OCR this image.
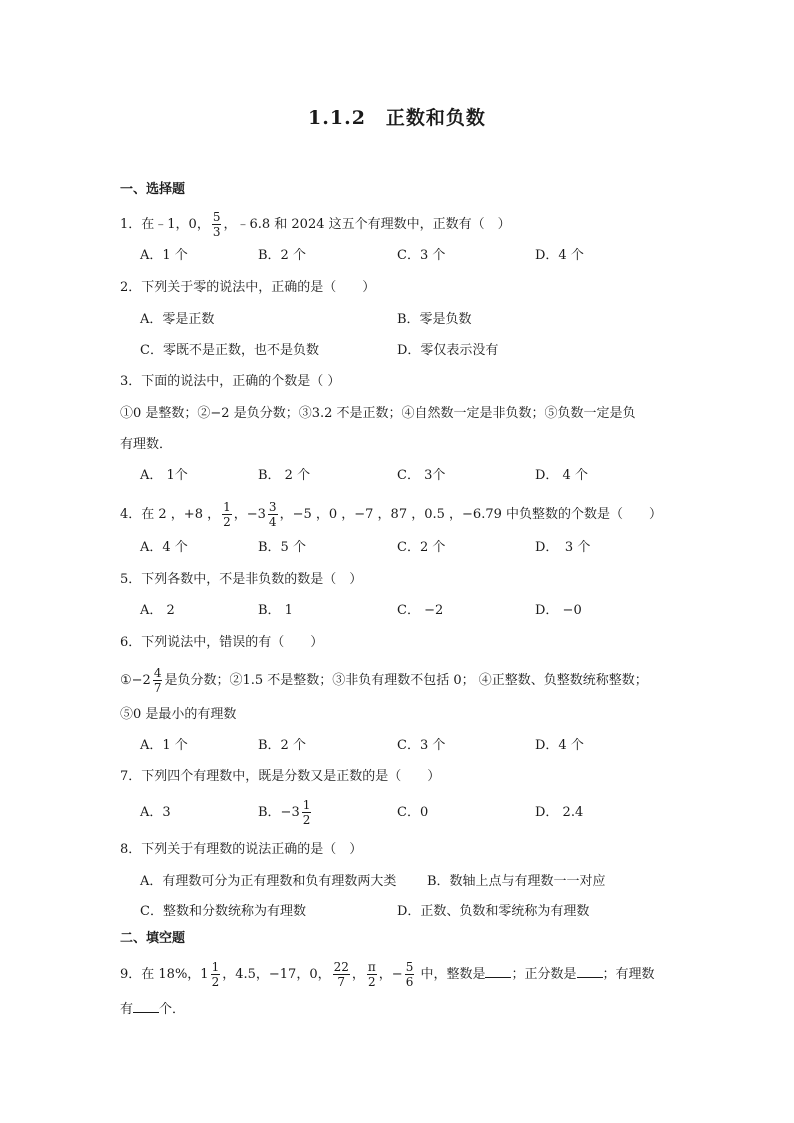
1.1.2　正数和负数
一、选择题
1．在﹣1，0， $\frac{5}{3}$ ，﹣6.8 和 2024 这五个有理数中，正数有（　）
A．1 个	B．2 个	C．3 个	D．4 个
2．下列关于零的说法中，正确的是（　　）
A．零是正数	B．零是负数
C．零既不是正数，也不是负数	D．零仅表示没有
3．下面的说法中，正确的个数是（ ）
①0 是整数；②−2 是负分数；③3.2 不是正数；④自然数一定是非负数；⑤负数一定是负
有理数．
A． 1个	B． 2 个	C． 3个	D． 4 个
4．在 2 ，+8 ， $\frac{1}{2}$ ，$-3 \frac{3}{4}$ ，−5 ，0 ，−7 ，87 ，0.5 ，−6.79 中负整数的个数是（　　）
A．4 个	B．5 个	C．2 个	D．　3 个
5．下列各数中，不是非负数的数是（　）
A． 2	B． 1	C． −2	D． −0
6．下列说法中，错误的有（　　）
①−2 $\frac{4}{7}$ 是负分数；②1.5 不是整数；③非负有理数不包括 0； ④正整数、负整数统称整数；
⑤0 是最小的有理数
A．1 个	B．2 个	C．3 个	D．4 个
7．下列四个有理数中，既是分数又是正数的是（　　）
A．3	B．$-3 \frac{1}{2}$	C．0	D． 2.4
8．下列关于有理数的说法正确的是（　）
A．有理数可分为正有理数和负有理数两大类 B．数轴上点与有理数一一对应
C．整数和分数统称为有理数	D．正数、负数和零统称为有理数
二、填空题
9．在 18%，$1 \frac{1}{2}$ ，4.5，−17，0， $\frac{22}{7}$ ， $\frac{\pi}{2}$ ，− $\frac{5}{6}$ 中，整数是 ；正分数是 ；有理数
有 个．
